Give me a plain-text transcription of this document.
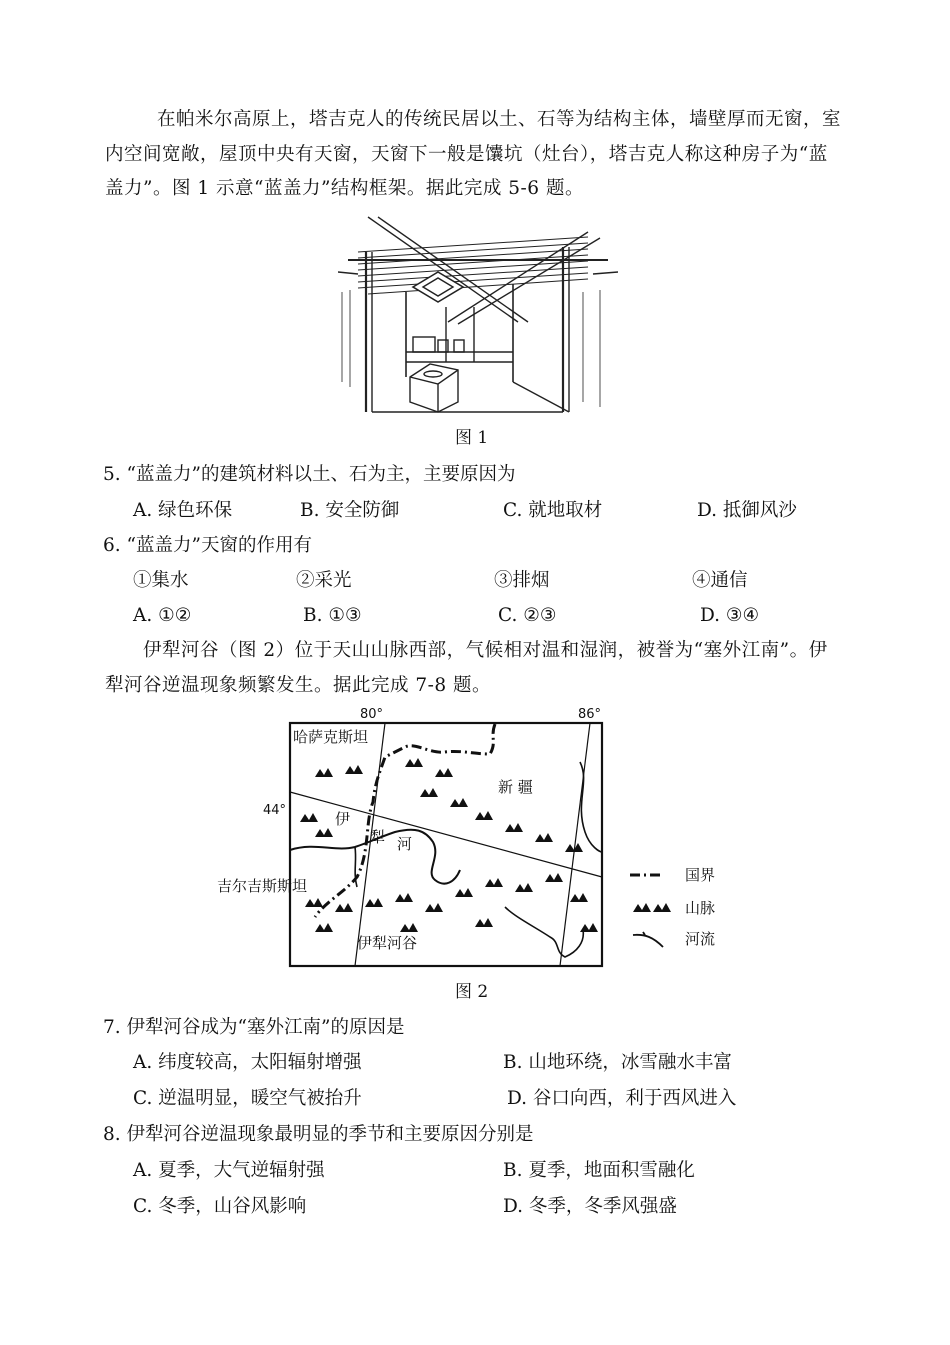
在帕米尔高原上，塔吉克人的传统民居以土、石等为结构主体，墙壁厚而无窗，室内空间宽敞，屋顶中央有天窗，天窗下一般是馕坑（灶台），塔吉克人称这种房子为“蓝盖力”。图 1 示意“蓝盖力”结构框架。据此完成 5-6 题。

图 1
5. “蓝盖力”的建筑材料以土、石为主，主要原因为
A. 绿色环保	B. 安全防御	C. 就地取材	D. 抵御风沙
6. “蓝盖力”天窗的作用有
①集水	②采光	③排烟	④通信
A. ①②	B. ①③	C. ②③	D. ③④

伊犁河谷（图 2）位于天山山脉西部，气候相对温和湿润，被誉为“塞外江南”。伊犁河谷逆温现象频繁发生。据此完成 7-8 题。

80°	86°
44°
哈萨克斯坦
新 疆
吉尔吉斯斯坦
伊犁河谷
伊
犁 河
国界
山脉
河流
图 2
7. 伊犁河谷成为“塞外江南”的原因是
A. 纬度较高，太阳辐射增强	B. 山地环绕，冰雪融水丰富
C. 逆温明显，暖空气被抬升	D. 谷口向西，利于西风进入
8. 伊犁河谷逆温现象最明显的季节和主要原因分别是
A. 夏季，大气逆辐射强	B. 夏季，地面积雪融化
C. 冬季，山谷风影响	D. 冬季，冬季风强盛
